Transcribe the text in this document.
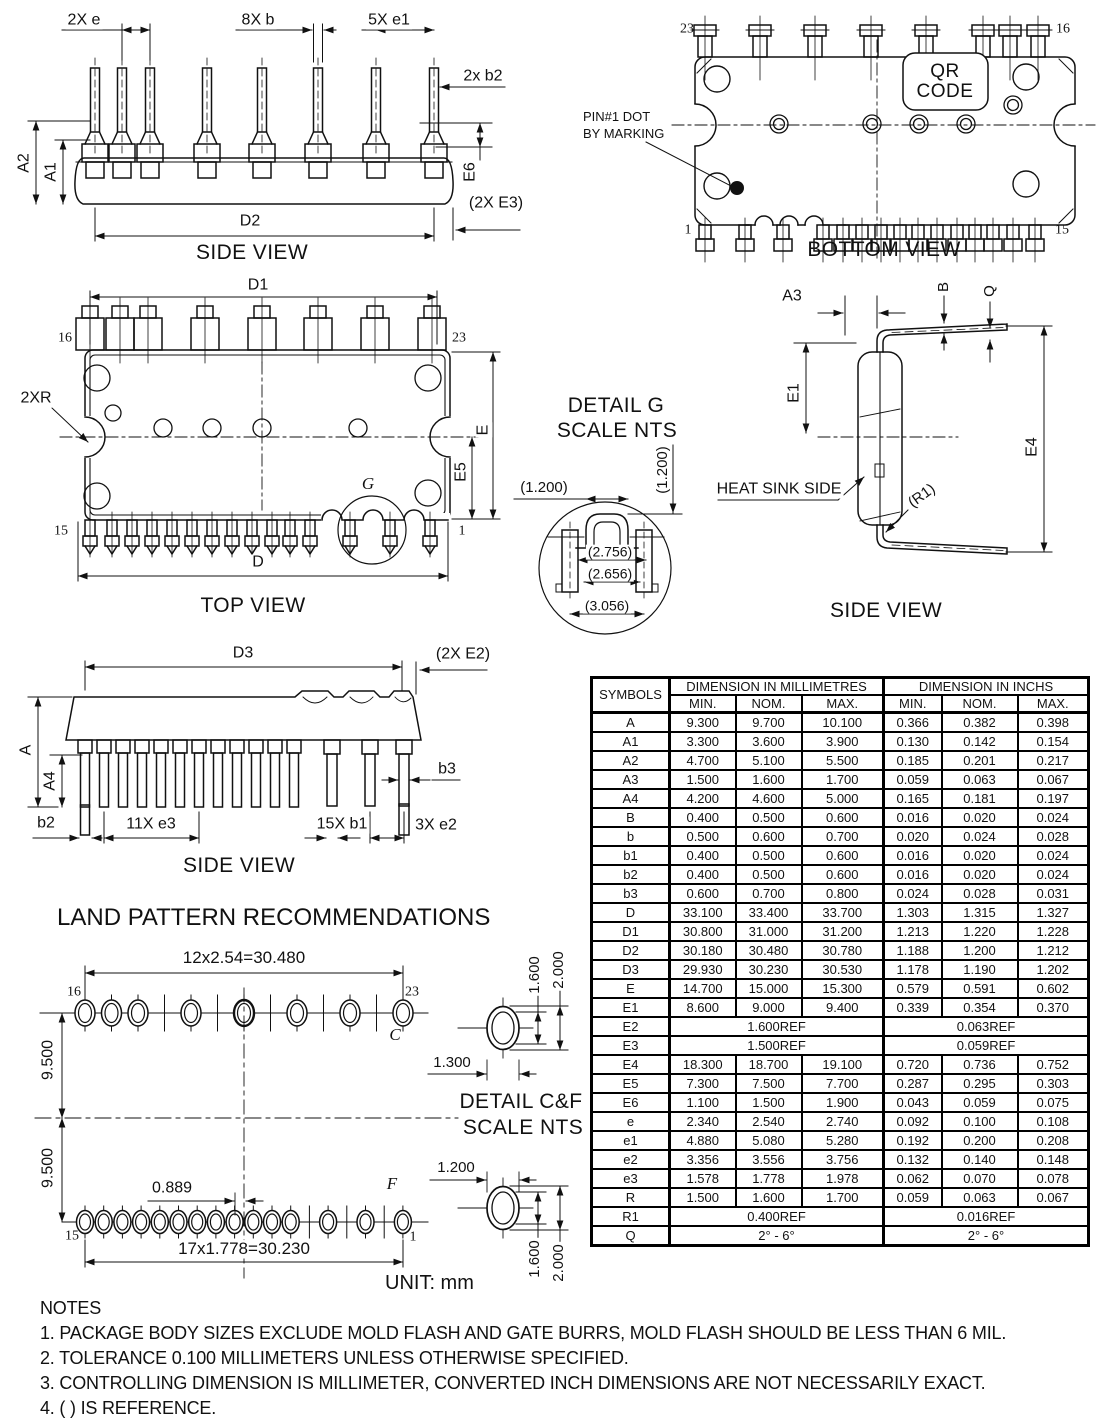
2X e	8X b	5X e1
2x b2
A2 A1	E6
D2
(2X E3)
SIDE VIEW
23	16
1	15
QR
CODE
PIN#1 DOT
BY MARKING
BOTTOM VIEW
D1
16	23
15	1
2XR
E
E5
G
D
TOP VIEW
DETAIL G
SCALE NTS
(1.200)	(1.200)
(2.756)
(2.656)
(3.056)
A3
B Q
E1
E4
HEAT SINK SIDE	(R1)
SIDE VIEW
D3	(2X E2)
A
A4
b2	11X e3	15X b1	3X e2
b3
SIDE VIEW
LAND PATTERN RECOMMENDATIONS
12x2.54=30.480
16	23
C
9.500
9.500
0.889	F
15	1
17x1.778=30.230
UNIT: mm
1.600 2.000
1.300
DETAIL C&F
SCALE NTS
1.200
1.600 2.000
SYMBOLS	DIMENSION IN MILLIMETRES			DIMENSION IN INCHS		
	MIN.	NOM.	MAX.	MIN.	NOM.	MAX.
A	9.300	9.700	10.100	0.366	0.382	0.398
A1	3.300	3.600	3.900	0.130	0.142	0.154
A2	4.700	5.100	5.500	0.185	0.201	0.217
A3	1.500	1.600	1.700	0.059	0.063	0.067
A4	4.200	4.600	5.000	0.165	0.181	0.197
B	0.400	0.500	0.600	0.016	0.020	0.024
b	0.500	0.600	0.700	0.020	0.024	0.028
b1	0.400	0.500	0.600	0.016	0.020	0.024
b2	0.400	0.500	0.600	0.016	0.020	0.024
b3	0.600	0.700	0.800	0.024	0.028	0.031
D	33.100	33.400	33.700	1.303	1.315	1.327
D1	30.800	31.000	31.200	1.213	1.220	1.228
D2	30.180	30.480	30.780	1.188	1.200	1.212
D3	29.930	30.230	30.530	1.178	1.190	1.202
E	14.700	15.000	15.300	0.579	0.591	0.602
E1	8.600	9.000	9.400	0.339	0.354	0.370
E2	1.600REF			0.063REF		
E3	1.500REF			0.059REF		
E4	18.300	18.700	19.100	0.720	0.736	0.752
E5	7.300	7.500	7.700	0.287	0.295	0.303
E6	1.100	1.500	1.900	0.043	0.059	0.075
e	2.340	2.540	2.740	0.092	0.100	0.108
e1	4.880	5.080	5.280	0.192	0.200	0.208
e2	3.356	3.556	3.756	0.132	0.140	0.148
e3	1.578	1.778	1.978	0.062	0.070	0.078
R	1.500	1.600	1.700	0.059	0.063	0.067
R1	0.400REF			0.016REF		
Q	2° - 6°			2° - 6°		
NOTES
1. PACKAGE BODY SIZES EXCLUDE MOLD FLASH AND GATE BURRS, MOLD FLASH SHOULD BE LESS THAN 6 MIL.
2. TOLERANCE 0.100 MILLIMETERS UNLESS OTHERWISE SPECIFIED.
3. CONTROLLING DIMENSION IS MILLIMETER, CONVERTED INCH DIMENSIONS ARE NOT NECESSARILY EXACT.
4. ( ) IS REFERENCE.
